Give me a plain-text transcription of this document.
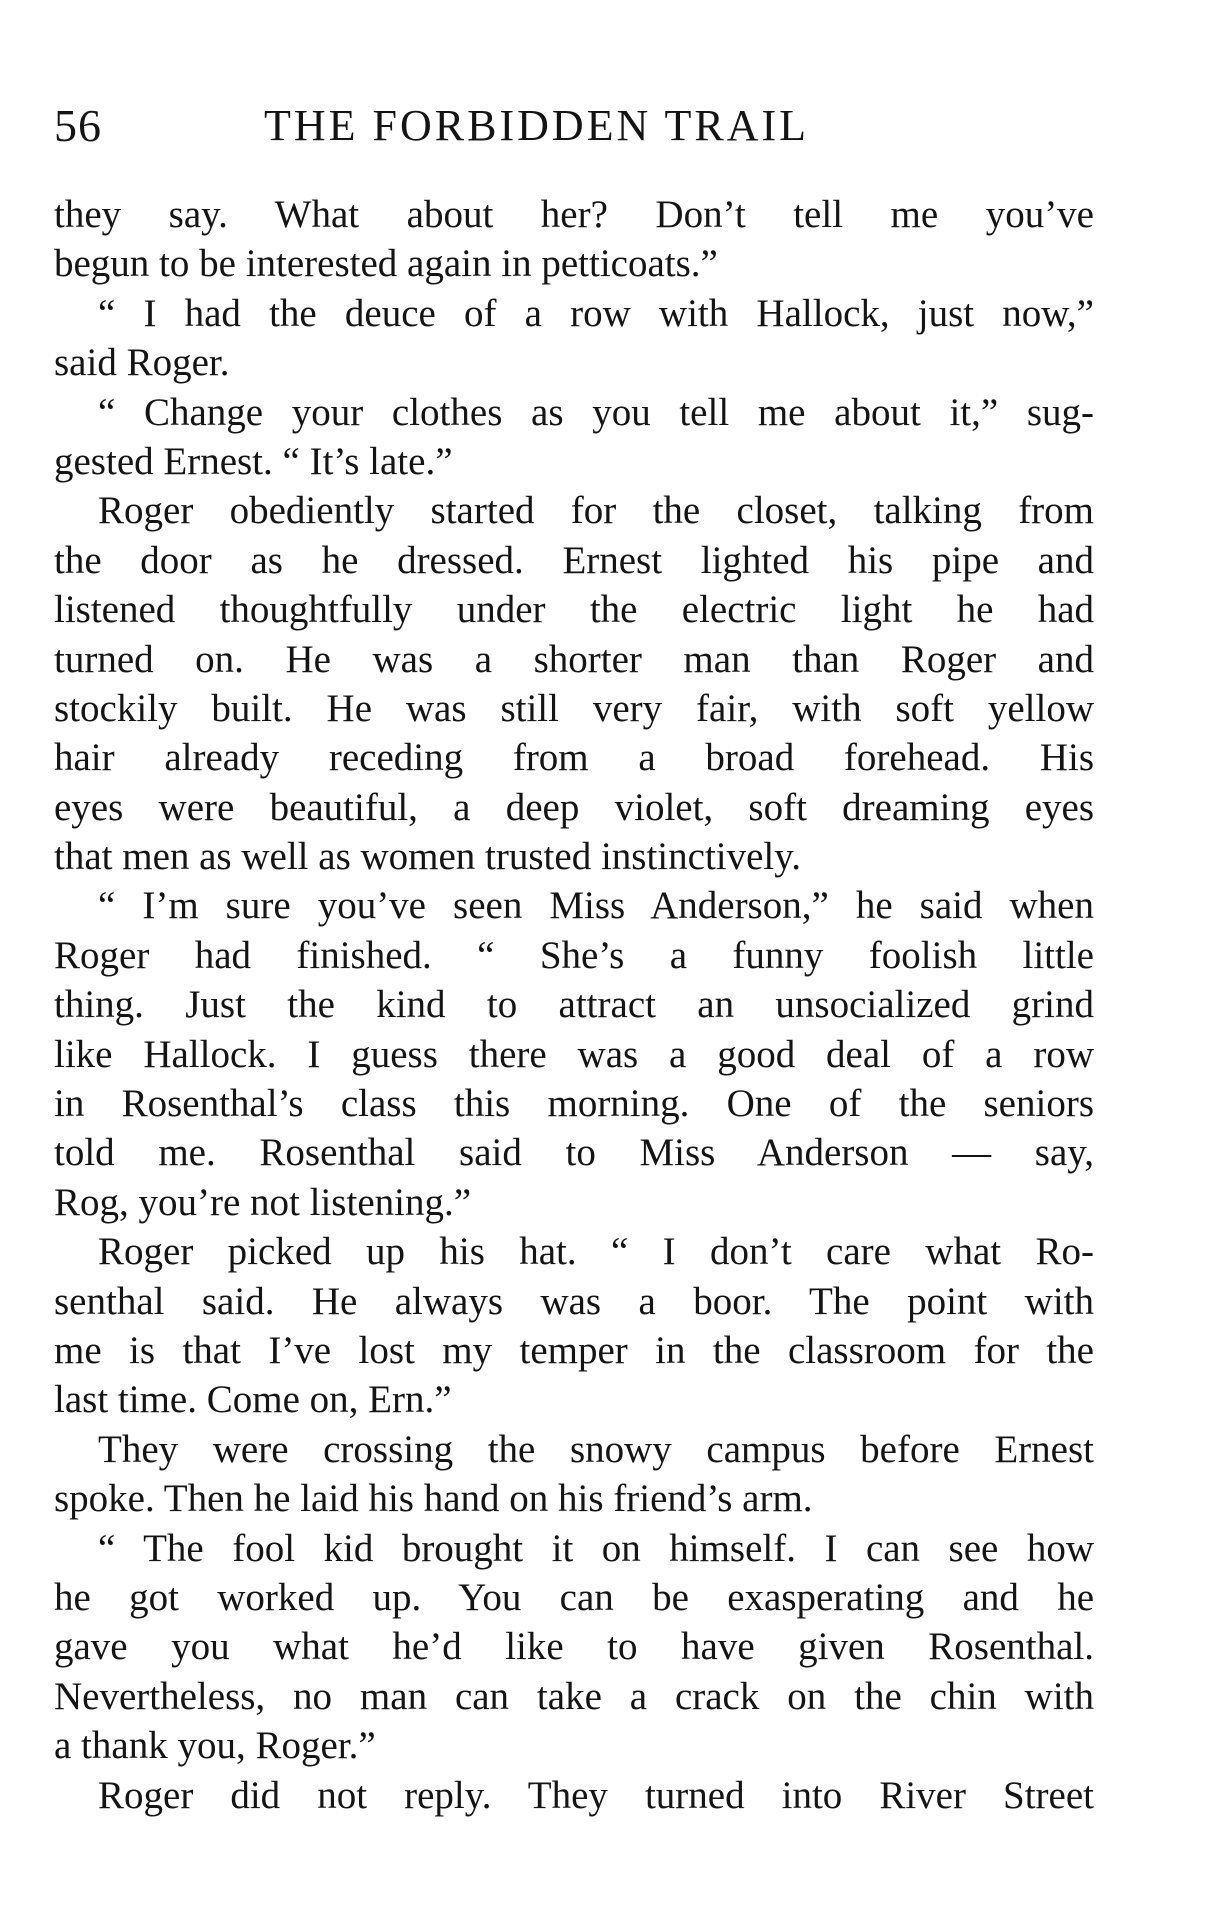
56	THE FORBIDDEN TRAIL
they say. What about her? Don’t tell me you’ve
begun to be interested again in petticoats.”
“ I had the deuce of a row with Hallock, just now,”
said Roger.
“ Change your clothes as you tell me about it,” sug-
gested Ernest. “ It’s late.”
Roger obediently started for the closet, talking from
the door as he dressed. Ernest lighted his pipe and
listened thoughtfully under the electric light he had
turned on. He was a shorter man than Roger and
stockily built. He was still very fair, with soft yellow
hair already receding from a broad forehead. His
eyes were beautiful, a deep violet, soft dreaming eyes
that men as well as women trusted instinctively.
“ I’m sure you’ve seen Miss Anderson,” he said when
Roger had finished. “ She’s a funny foolish little
thing. Just the kind to attract an unsocialized grind
like Hallock. I guess there was a good deal of a row
in Rosenthal’s class this morning. One of the seniors
told me. Rosenthal said to Miss Anderson — say,
Rog, you’re not listening.”
Roger picked up his hat. “ I don’t care what Ro-
senthal said. He always was a boor. The point with
me is that I’ve lost my temper in the classroom for the
last time. Come on, Ern.”
They were crossing the snowy campus before Ernest
spoke. Then he laid his hand on his friend’s arm.
“ The fool kid brought it on himself. I can see how
he got worked up. You can be exasperating and he
gave you what he’d like to have given Rosenthal.
Nevertheless, no man can take a crack on the chin with
a thank you, Roger.”
Roger did not reply. They turned into River Street
